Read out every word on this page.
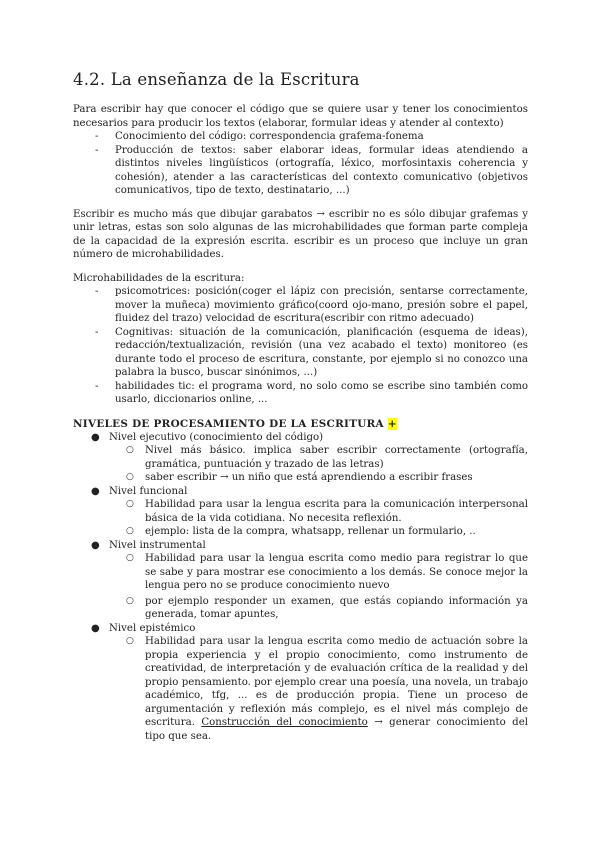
4.2. La enseñanza de la Escritura

Para escribir hay que conocer el código que se quiere usar y tener los conocimientos necesarios para producir los textos (elaborar, formular ideas y atender al contexto)

- Conocimiento del código: correspondencia grafema-fonema
- Producción de textos: saber elaborar ideas, formular ideas atendiendo a distintos niveles lingüísticos (ortografía, léxico, morfosintaxis coherencia y cohesión), atender a las características del contexto comunicativo (objetivos comunicativos, tipo de texto, destinatario, ...)

Escribir es mucho más que dibujar garabatos → escribir no es sólo dibujar grafemas y unir letras, estas son solo algunas de las microhabilidades que forman parte compleja de la capacidad de la expresión escrita. escribir es un proceso que incluye un gran número de microhabilidades.

Microhabilidades de la escritura:

- psicomotrices: posición(coger el lápiz con precisión, sentarse correctamente, mover la muñeca) movimiento gráfico(coord ojo-mano, presión sobre el papel, fluidez del trazo) velocidad de escritura(escribir con ritmo adecuado)
- Cognitivas: situación de la comunicación, planificación (esquema de ideas), redacción/textualización, revisión (una vez acabado el texto) monitoreo (es durante todo el proceso de escritura, constante, por ejemplo si no conozco una palabra la busco, buscar sinónimos, ...)
- habilidades tic: el programa word, no solo como se escribe sino también como usarlo, diccionarios online, ...
NIVELES DE PROCESAMIENTO DE LA ESCRITURA +
● Nivel ejecutivo (conocimiento del código)
○ Nivel más básico. implica saber escribir correctamente (ortografía, gramática, puntuación y trazado de las letras)
○ saber escribir → un niño que está aprendiendo a escribir frases
● Nivel funcional
○ Habilidad para usar la lengua escrita para la comunicación interpersonal básica de la vida cotidiana. No necesita reflexión.
○ ejemplo: lista de la compra, whatsapp, rellenar un formulario, ..
● Nivel instrumental
○ Habilidad para usar la lengua escrita como medio para registrar lo que se sabe y para mostrar ese conocimiento a los demás. Se conoce mejor la lengua pero no se produce conocimiento nuevo
○ por ejemplo responder un examen, que estás copiando información ya generada, tomar apuntes,
● Nivel epistémico
○ Habilidad para usar la lengua escrita como medio de actuación sobre la propia experiencia y el propio conocimiento, como instrumento de creatividad, de interpretación y de evaluación crítica de la realidad y del propio pensamiento. por ejemplo crear una poesía, una novela, un trabajo académico, tfg, ... es de producción propia. Tiene un proceso de argumentación y reflexión más complejo, es el nivel más complejo de escritura. Construcción del conocimiento → generar conocimiento del tipo que sea.
